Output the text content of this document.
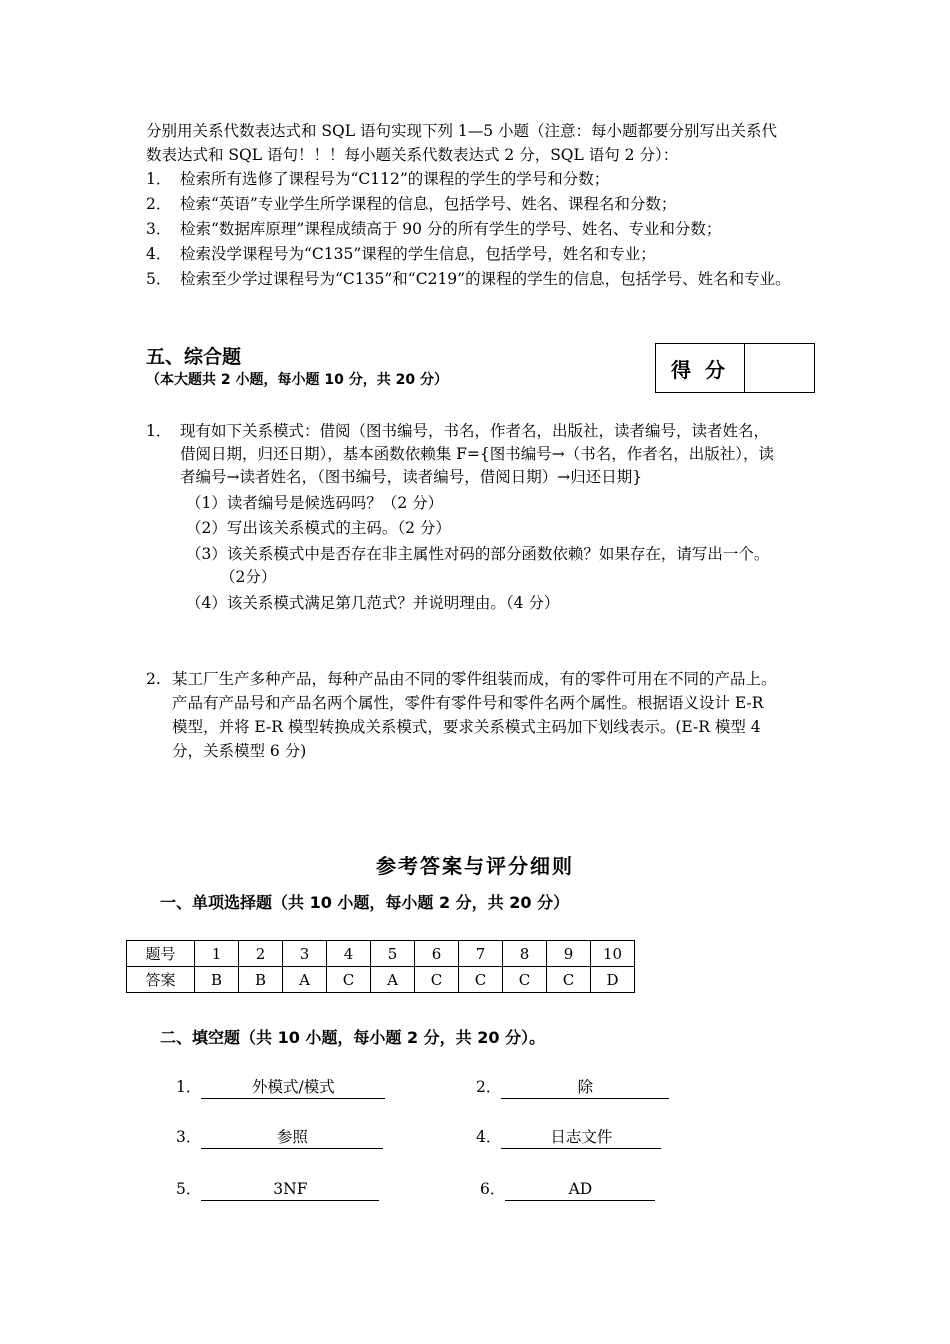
分别用关系代数表达式和 SQL 语句实现下列 1—5 小题（注意：每小题都要分别写出关系代
数表达式和 SQL 语句！！！每小题关系代数表达式 2 分，SQL 语句 2 分）：
1． 检索所有选修了课程号为“C112”的课程的学生的学号和分数；
2． 检索“英语”专业学生所学课程的信息，包括学号、姓名、课程名和分数；
3． 检索“数据库原理”课程成绩高于 90 分的所有学生的学号、姓名、专业和分数；
4． 检索没学课程号为“C135”课程的学生信息，包括学号，姓名和专业；
5． 检索至少学过课程号为“C135”和“C219”的课程的学生的信息，包括学号、姓名和专业。
五、综合题
（本大题共 2 小题，每小题 10 分，共 20 分）	得分
1． 现有如下关系模式：借阅（图书编号，书名，作者名，出版社，读者编号，读者姓名，
借阅日期，归还日期），基本函数依赖集 F={图书编号→（书名，作者名，出版社），读
者编号→读者姓名，（图书编号，读者编号，借阅日期）→归还日期}
（1）读者编号是候选码吗？（2 分）
（2）写出该关系模式的主码。（2 分）
（3）该关系模式中是否存在非主属性对码的部分函数依赖？如果存在，请写出一个。
（2分）
（4）该关系模式满足第几范式？并说明理由。（4 分）
2. 某工厂生产多种产品，每种产品由不同的零件组装而成，有的零件可用在不同的产品上。
产品有产品号和产品名两个属性，零件有零件号和零件名两个属性。根据语义设计 E-R
模型，并将 E-R 模型转换成关系模式，要求关系模式主码加下划线表示。(E-R 模型 4
分，关系模型 6 分)
参考答案与评分细则
一、单项选择题（共 10 小题，每小题 2 分，共 20 分）
题号	1	2	3	4	5	6	7	8	9	10
答案	B	B	A	C	A	C	C	C	C	D
二、填空题（共 10 小题，每小题 2 分，共 20 分）。
1．	外模式/模式	2．	除
3．	参照	4．	日志文件
5．	3NF	6．	AD
